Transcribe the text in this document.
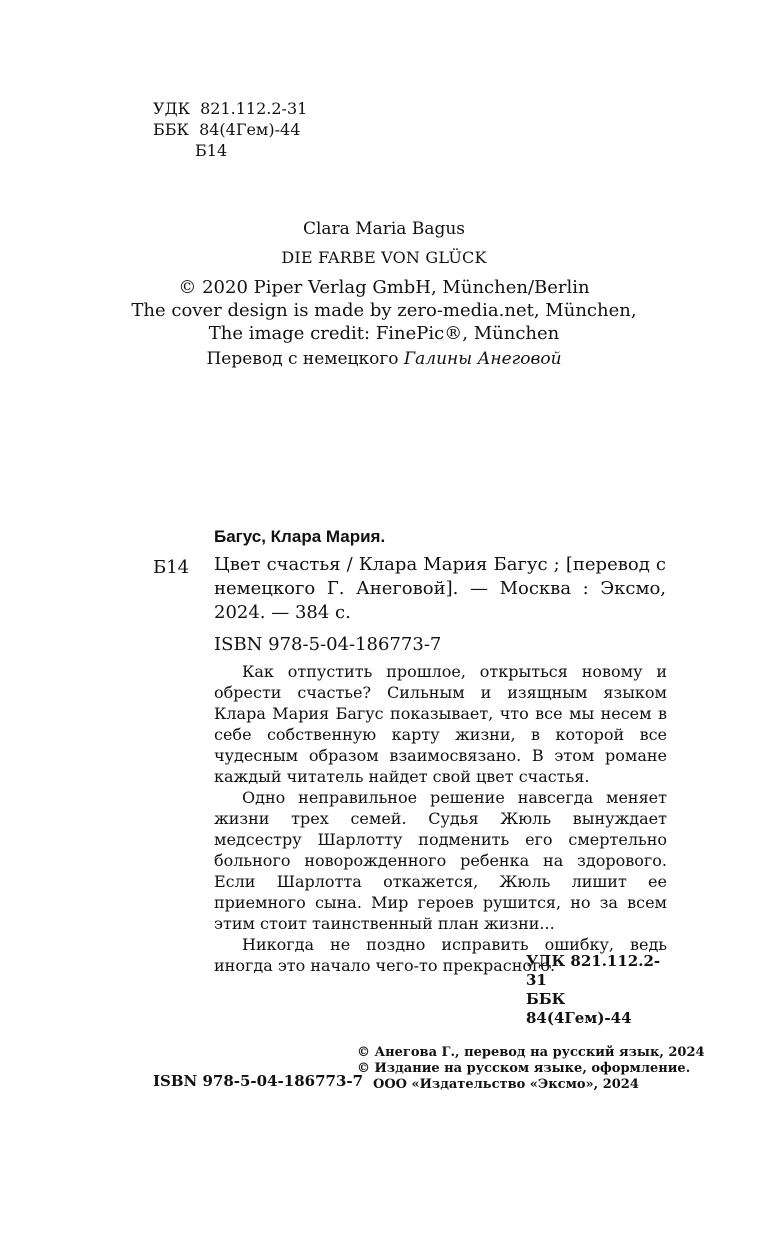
УДК  821.112.2-31
ББК  84(4Гем)-44
Б14
Clara Maria Bagus
DIE FARBE VON GLÜCK
© 2020 Piper Verlag GmbH, München/Berlin
The cover design is made by zero-media.net, München,
The image credit: FinePic®, München
Перевод с немецкого Галины Анеговой
Багус, Клара Мария.
Б14 Цвет счастья / Клара Мария Багус ; [перевод с немецкого Г. Анеговой]. — Москва : Эксмо, 2024. — 384 с.
ISBN 978-5-04-186773-7

Как отпустить прошлое, открыться новому и обрести счастье? Сильным и изящным языком Клара Мария Багус показывает, что все мы несем в себе собственную карту жизни, в которой все чудесным образом взаимосвязано. В этом романе каждый читатель найдет свой цвет счастья.

Одно неправильное решение навсегда меняет жизни трех семей. Судья Жюль вынуждает медсестру Шарлотту подменить его смертельно больного новорожденного ребенка на здорового. Если Шарлотта откажется, Жюль лишит ее приемного сына. Мир героев рушится, но за всем этим стоит таинственный план жизни...

Никогда не поздно исправить ошибку, ведь иногда это начало чего-то прекрасного.

УДК 821.112.2-31
ББК 84(4Гем)-44
ISBN 978-5-04-186773-7
© Анегова Г., перевод на русский язык, 2024
© Издание на русском языке, оформление.
ООО «Издательство «Эксмо», 2024
